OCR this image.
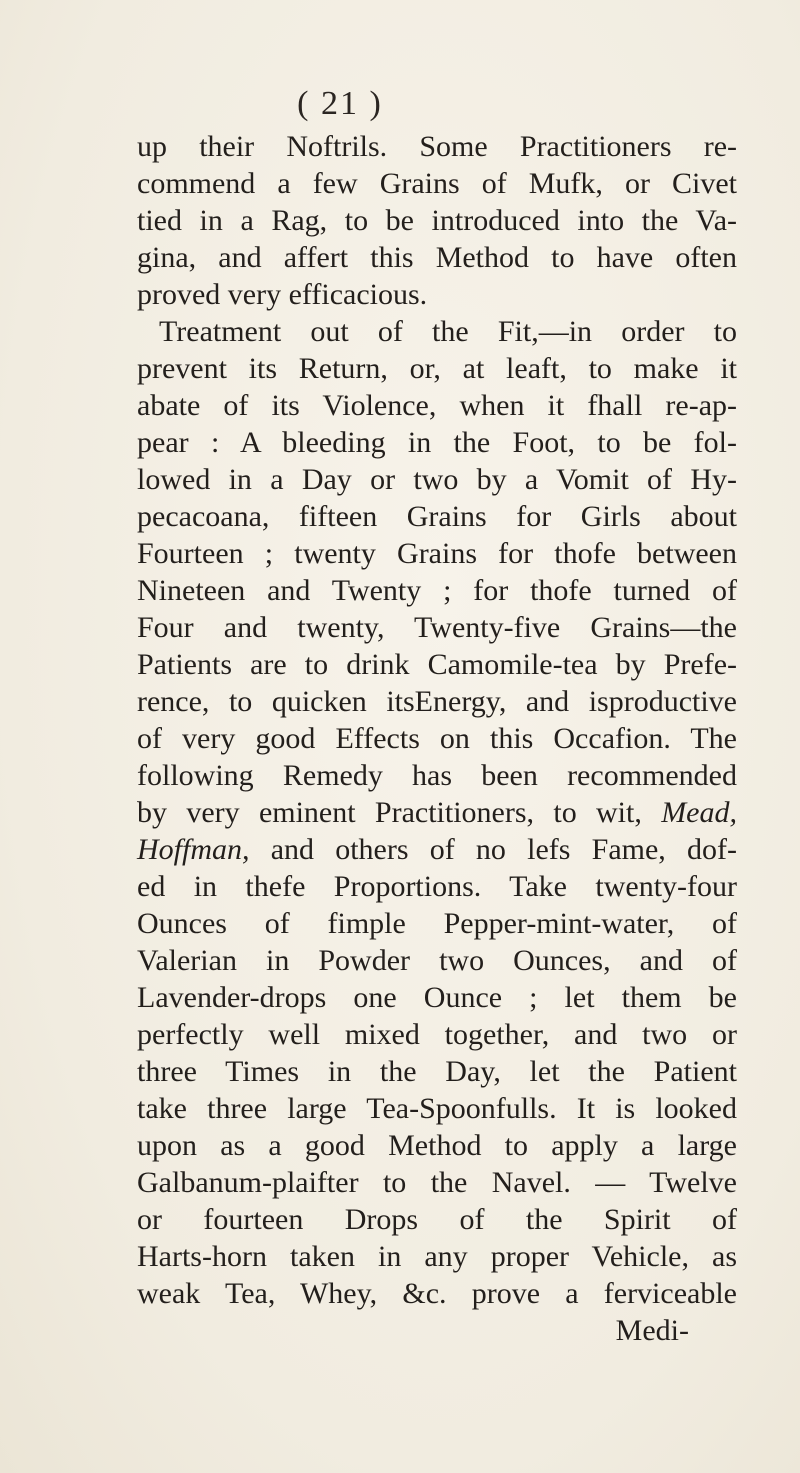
( 21 )
up their Noftrils. Some Practitioners re-
commend a few Grains of Mufk, or Civet
tied in a Rag, to be introduced into the Va-
gina, and affert this Method to have often
proved very efficacious.
Treatment out of the Fit,—in order to
prevent its Return, or, at leaft, to make it
abate of its Violence, when it fhall re-ap-
pear : A bleeding in the Foot, to be fol-
lowed in a Day or two by a Vomit of Hy-
pecacoana, fifteen Grains for Girls about
Fourteen ; twenty Grains for thofe between
Nineteen and Twenty ; for thofe turned of
Four and twenty, Twenty-five Grains—the
Patients are to drink Camomile-tea by Prefe-
rence, to quicken itsEnergy, and isproductive
of very good Effects on this Occafion. The
following Remedy has been recommended
by very eminent Practitioners, to wit, Mead,
Hoffman, and others of no lefs Fame, dof-
ed in thefe Proportions. Take twenty-four
Ounces of fimple Pepper-mint-water, of
Valerian in Powder two Ounces, and of
Lavender-drops one Ounce ; let them be
perfectly well mixed together, and two or
three Times in the Day, let the Patient
take three large Tea-Spoonfulls. It is looked
upon as a good Method to apply a large
Galbanum-plaifter to the Navel. — Twelve
or fourteen Drops of the Spirit of
Harts-horn taken in any proper Vehicle, as
weak Tea, Whey, &c. prove a ferviceable
Medi-
